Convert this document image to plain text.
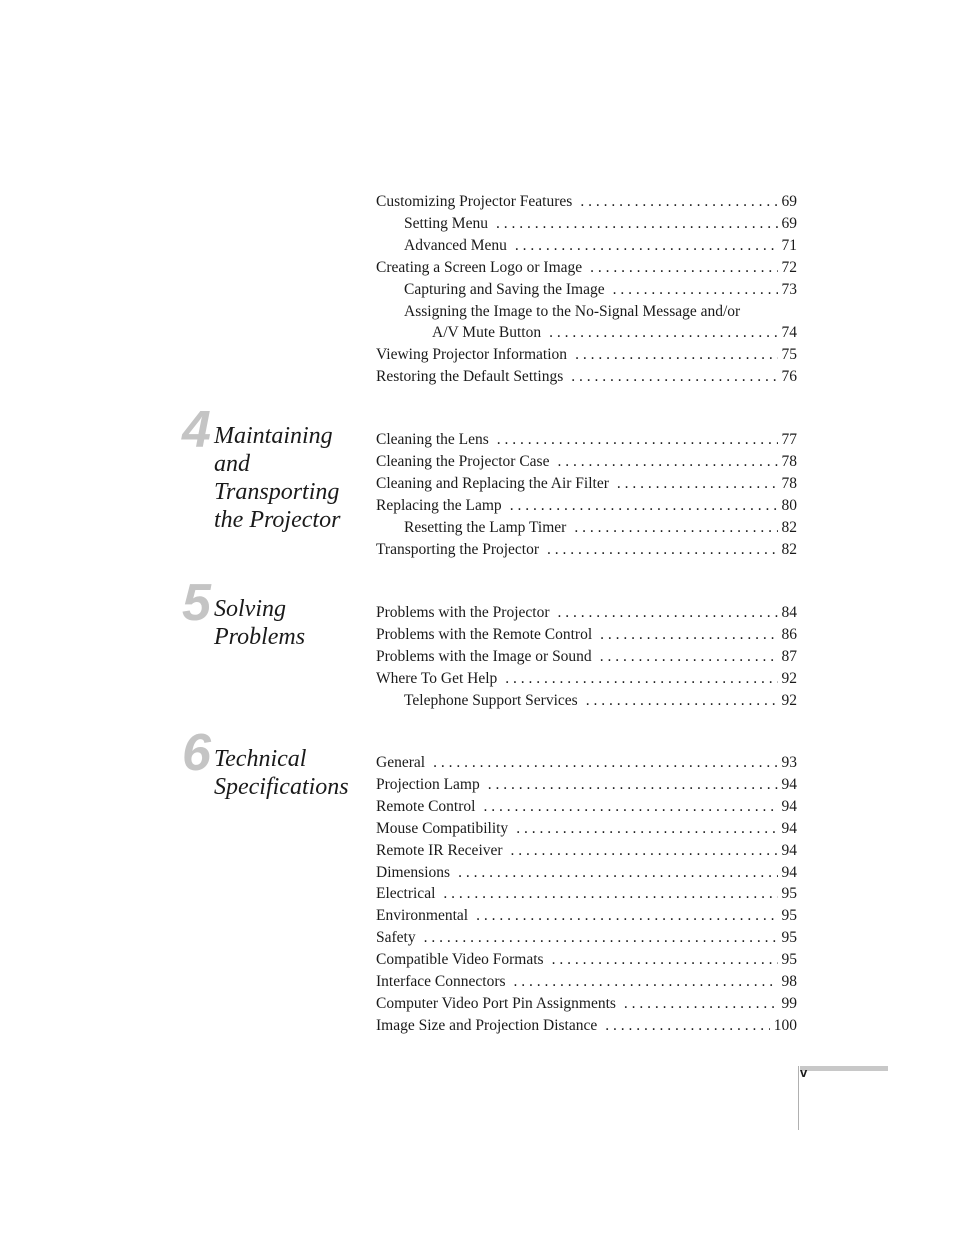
Customizing Projector Features . . .	69
Setting Menu . . .	69
Advanced Menu . . .	71
Creating a Screen Logo or Image . . .	72
Capturing and Saving the Image . . .	73
Assigning the Image to the No-Signal Message and/or
A/V Mute Button . . .	74
Viewing Projector Information . . .	75
Restoring the Default Settings . . .	76
4 Maintaining
and
Transporting
the Projector
Cleaning the Lens . . .	77
Cleaning the Projector Case . . .	78
Cleaning and Replacing the Air Filter . . .	78
Replacing the Lamp . . .	80
Resetting the Lamp Timer . . .	82
Transporting the Projector . . .	82
5 Solving
Problems
Problems with the Projector . . .	84
Problems with the Remote Control . . .	86
Problems with the Image or Sound . . .	87
Where To Get Help . . .	92
Telephone Support Services . . .	92
6 Technical
Specifications
General . . .	93
Projection Lamp . . .	94
Remote Control . . .	94
Mouse Compatibility . . .	94
Remote IR Receiver . . .	94
Dimensions . . .	94
Electrical . . .	95
Environmental . . .	95
Safety . . .	95
Compatible Video Formats . . .	95
Interface Connectors . . .	98
Computer Video Port Pin Assignments . . .	99
Image Size and Projection Distance . . .	100
v
